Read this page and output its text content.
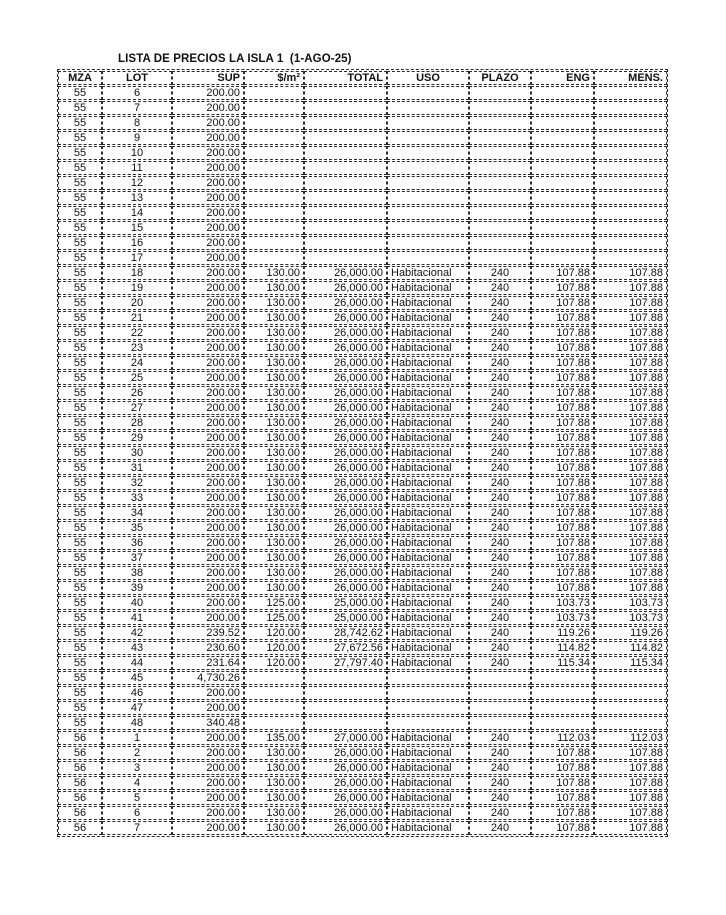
LISTA DE PRECIOS LA ISLA 1  (1-AGO-25)
MZA	LOT	SUP	$/m²	TOTAL	USO	PLAZO	ENG	MENS.
55	6	200.00						
55	7	200.00						
55	8	200.00						
55	9	200.00						
55	10	200.00						
55	11	200.00						
55	12	200.00						
55	13	200.00						
55	14	200.00						
55	15	200.00						
55	16	200.00						
55	17	200.00						
55	18	200.00	130.00	26,000.00	Habitacional	240	107.88	107.88
55	19	200.00	130.00	26,000.00	Habitacional	240	107.88	107.88
55	20	200.00	130.00	26,000.00	Habitacional	240	107.88	107.88
55	21	200.00	130.00	26,000.00	Habitacional	240	107.88	107.88
55	22	200.00	130.00	26,000.00	Habitacional	240	107.88	107.88
55	23	200.00	130.00	26,000.00	Habitacional	240	107.88	107.88
55	24	200.00	130.00	26,000.00	Habitacional	240	107.88	107.88
55	25	200.00	130.00	26,000.00	Habitacional	240	107.88	107.88
55	26	200.00	130.00	26,000.00	Habitacional	240	107.88	107.88
55	27	200.00	130.00	26,000.00	Habitacional	240	107.88	107.88
55	28	200.00	130.00	26,000.00	Habitacional	240	107.88	107.88
55	29	200.00	130.00	26,000.00	Habitacional	240	107.88	107.88
55	30	200.00	130.00	26,000.00	Habitacional	240	107.88	107.88
55	31	200.00	130.00	26,000.00	Habitacional	240	107.88	107.88
55	32	200.00	130.00	26,000.00	Habitacional	240	107.88	107.88
55	33	200.00	130.00	26,000.00	Habitacional	240	107.88	107.88
55	34	200.00	130.00	26,000.00	Habitacional	240	107.88	107.88
55	35	200.00	130.00	26,000.00	Habitacional	240	107.88	107.88
55	36	200.00	130.00	26,000.00	Habitacional	240	107.88	107.88
55	37	200.00	130.00	26,000.00	Habitacional	240	107.88	107.88
55	38	200.00	130.00	26,000.00	Habitacional	240	107.88	107.88
55	39	200.00	130.00	26,000.00	Habitacional	240	107.88	107.88
55	40	200.00	125.00	25,000.00	Habitacional	240	103.73	103.73
55	41	200.00	125.00	25,000.00	Habitacional	240	103.73	103.73
55	42	239.52	120.00	28,742.62	Habitacional	240	119.26	119.26
55	43	230.60	120.00	27,672.56	Habitacional	240	114.82	114.82
55	44	231.64	120.00	27,797.40	Habitacional	240	115.34	115.34
55	45	4,730.26						
55	46	200.00						
55	47	200.00						
55	48	340.48						
56	1	200.00	135.00	27,000.00	Habitacional	240	112.03	112.03
56	2	200.00	130.00	26,000.00	Habitacional	240	107.88	107.88
56	3	200.00	130.00	26,000.00	Habitacional	240	107.88	107.88
56	4	200.00	130.00	26,000.00	Habitacional	240	107.88	107.88
56	5	200.00	130.00	26,000.00	Habitacional	240	107.88	107.88
56	6	200.00	130.00	26,000.00	Habitacional	240	107.88	107.88
56	7	200.00	130.00	26,000.00	Habitacional	240	107.88	107.88
